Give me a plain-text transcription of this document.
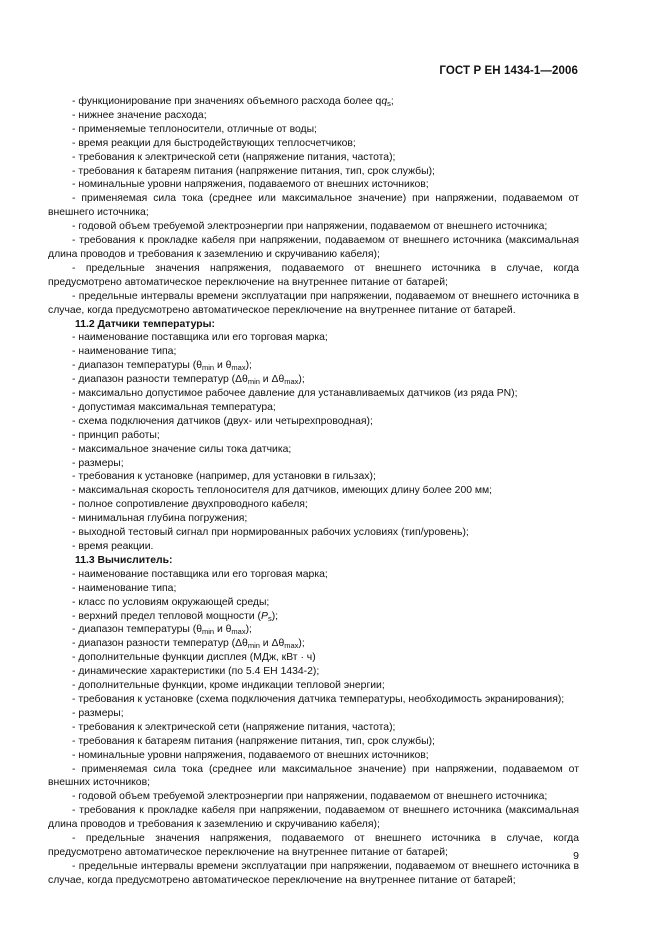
ГОСТ Р ЕН 1434-1—2006

- функционирование при значениях объемного расхода более $qq_s$;

- нижнее значение расхода;

- применяемые теплоносители, отличные от воды;

- время реакции для быстродействующих теплосчетчиков;

- требования к электрической сети (напряжение питания, частота);

- требования к батареям питания (напряжение питания, тип, срок службы);

- номинальные уровни напряжения, подаваемого от внешних источников;

- применяемая сила тока (среднее или максимальное значение) при напряжении, подаваемом от внешнего источника;

- годовой объем требуемой электроэнергии при напряжении, подаваемом от внешнего источника;

- требования к прокладке кабеля при напряжении, подаваемом от внешнего источника (максимальная длина проводов и требования к заземлению и скручиванию кабеля);

- предельные значения напряжения, подаваемого от внешнего источника в случае, когда предусмотрено автоматическое переключение на внутреннее питание от батарей;

- предельные интервалы времени эксплуатации при напряжении, подаваемом от внешнего источника в случае, когда предусмотрено автоматическое переключение на внутреннее питание от батарей.

11.2 Датчики температуры:

- наименование поставщика или его торговая марка;

- наименование типа;

- диапазон температуры ($\theta_{min}$ и $\theta_{max}$);

- диапазон разности температур ($\Delta\theta_{min}$ и $\Delta\theta_{max}$);

- максимально допустимое рабочее давление для устанавливаемых датчиков (из ряда PN);

- допустимая максимальная температура;

- схема подключения датчиков (двух- или четырехпроводная);

- принцип работы;

- максимальное значение силы тока датчика;

- размеры;

- требования к установке (например, для установки в гильзах);

- максимальная скорость теплоносителя для датчиков, имеющих длину более 200 мм;

- полное сопротивление двухпроводного кабеля;

- минимальная глубина погружения;

- выходной тестовый сигнал при нормированных рабочих условиях (тип/уровень);

- время реакции.

11.3 Вычислитель:

- наименование поставщика или его торговая марка;

- наименование типа;

- класс по условиям окружающей среды;

- верхний предел тепловой мощности $(P_s)$;

- диапазон температуры ($\theta_{min}$ и $\theta_{max}$);

- диапазон разности температур ($\Delta\theta_{min}$ и $\Delta\theta_{max}$);

- дополнительные функции дисплея (МДж, кВт · ч)

- динамические характеристики (по 5.4 ЕН 1434-2);

- дополнительные функции, кроме индикации тепловой энергии;

- требования к установке (схема подключения датчика температуры, необходимость экранирования);

- размеры;

- требования к электрической сети (напряжение питания, частота);

- требования к батареям питания (напряжение питания, тип, срок службы);

- номинальные уровни напряжения, подаваемого от внешних источников;

- применяемая сила тока (среднее или максимальное значение) при напряжении, подаваемом от внешних источников;

- годовой объем требуемой электроэнергии при напряжении, подаваемом от внешнего источника;

- требования к прокладке кабеля при напряжении, подаваемом от внешнего источника (максимальная длина проводов и требования к заземлению и скручиванию кабеля);

- предельные значения напряжения, подаваемого от внешнего источника в случае, когда предусмотрено автоматическое переключение на внутреннее питание от батарей;

- предельные интервалы времени эксплуатации при напряжении, подаваемом от внешнего источника в случае, когда предусмотрено автоматическое переключение на внутреннее питание от батарей;

9
